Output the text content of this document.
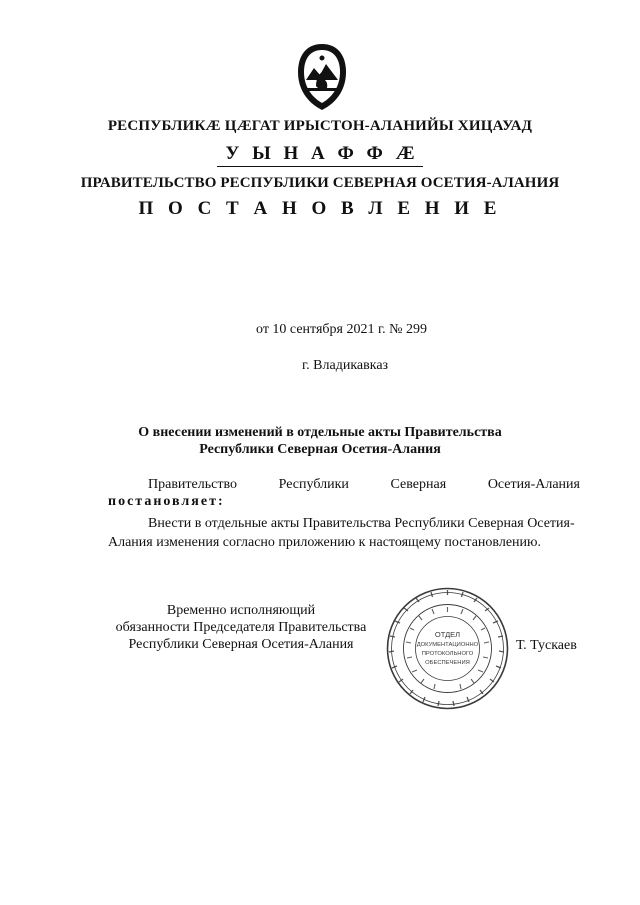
РЕСПУБЛИКӔ ЦӔГАТ ИРЫСТОН-АЛАНИЙЫ ХИЦАУАД
У Ы Н А Ф Ф Ӕ
ПРАВИТЕЛЬСТВО РЕСПУБЛИКИ СЕВЕРНАЯ ОСЕТИЯ-АЛАНИЯ
П О С Т А Н О В Л Е Н И Е
от 10 сентября 2021 г. № 299
г. Владикавказ
О внесении изменений в отдельные акты Правительства
Республики Северная Осетия-Алания
Правительство	Республики	Северная	Осетия-Алания
постановляет:
Внести в отдельные акты Правительства Республики Северная Осетия-
Алания изменения согласно приложению к настоящему постановлению.
Временно исполняющий
обязанности Председателя Правительства
Республики Северная Осетия-Алания
ОТДЕЛ
ДОКУМЕНТАЦИОННО
ПРОТОКОЛЬНОГО
ОБЕСПЕЧЕНИЯ
Т. Тускаев
